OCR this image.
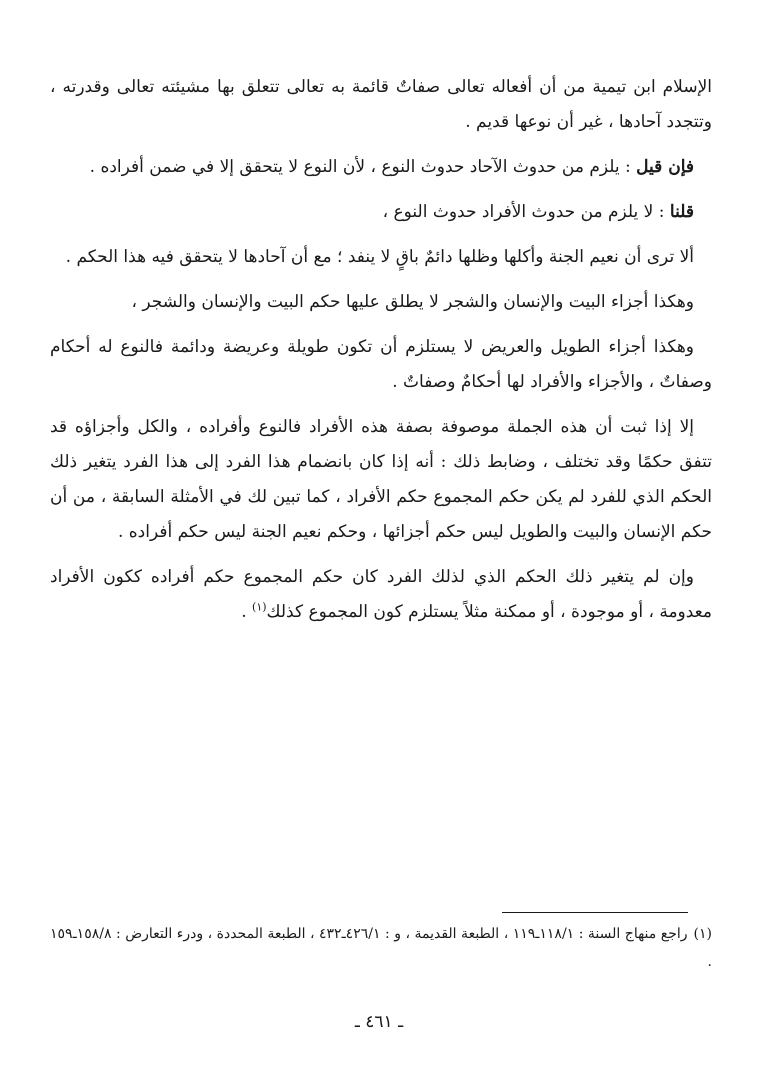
الإسلام ابن تيمية من أن أفعاله تعالى صفاتٌ قائمة به تعالى تتعلق بها مشيئته تعالى وقدرته ، وتتجدد آحادها ، غير أن نوعها قديم .

فإن قيل : يلزم من حدوث الآحاد حدوث النوع ، لأن النوع لا يتحقق إلا في ضمن أفراده .

قلنا : لا يلزم من حدوث الأفراد حدوث النوع ،

ألا ترى أن نعيم الجنة وأكلها وظلها دائمٌ باقٍ لا ينفد ؛ مع أن آحادها لا يتحقق فيه هذا الحكم .

وهكذا أجزاء البيت والإنسان والشجر لا يطلق عليها حكم البيت والإنسان والشجر ،

وهكذا أجزاء الطويل والعريض لا يستلزم أن تكون طويلة وعريضة ودائمة فالنوع له أحكام وصفاتٌ ، والأجزاء والأفراد لها أحكامٌ وصفاتٌ .

إلا إذا ثبت أن هذه الجملة موصوفة بصفة هذه الأفراد فالنوع وأفراده ، والكل وأجزاؤه قد تتفق حكمًا وقد تختلف ، وضابط ذلك : أنه إذا كان بانضمام هذا الفرد إلى هذا الفرد يتغير ذلك الحكم الذي للفرد لم يكن حكم المجموع حكم الأفراد ، كما تبين لك في الأمثلة السابقة ، من أن حكم الإنسان والبيت والطويل ليس حكم أجزائها ، وحكم نعيم الجنة ليس حكم أفراده .

وإن لم يتغير ذلك الحكم الذي لذلك الفرد كان حكم المجموع حكم أفراده ككون الأفراد معدومة ، أو موجودة ، أو ممكنة مثلاً يستلزم كون المجموع كذلك$^{(١)}$ .

(١)راجع منهاج السنة : ١١٨/١ـ١١٩ ، الطبعة القديمة ، و : ٤٢٦/١ـ٤٣٢ ، الطبعة المحددة ، ودرء التعارض : ١٥٨/٨ـ١٥٩ .
ـ ٤٦١ ـ
